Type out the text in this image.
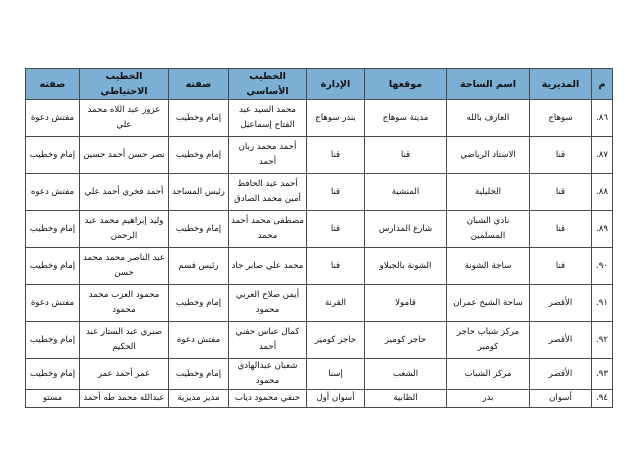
م	المديرية	اسم الساحة	موقعها	الإدارة	الخطيب الأساسي	صفته	الخطيب الاحتياطي	صفته
٨٦.	سوهاج	العارف بالله	مدينة سوهاج	بندر سوهاج	محمد السيد عبد الفتاح إسماعيل	إمام وخطيب	عزوز عبد اللاه محمد علي	مفتش دعوة
٨٧.	قنا	الاستاد الرياضي	قنا	قنا	أحمد محمد ربان أحمد	إمام وخطيب	نصر حسن أحمد حسين	إمام وخطيب
٨٨.	قنا	الخليلية	المنشية	قنا	أحمد عبد الحافظ أمين محمد الصادق	رئيس المساجد	أحمد فخري أحمد علي	مفتش دعوه
٨٩.	قنا	نادي الشبان المسلمين	شارع المدارس	قنا	مصطفى محمد أحمد محمد	إمام وخطيب	وليد إبراهيم محمد عبد الرحمن	إمام وخطيب
٩٠.	قنا	ساحة الشونة	الشونة بالجبلاو	قنا	محمد علي صابر جاد	رئيس قسم	عبد الناصر محمد محمد حسن	إمام وخطيب
٩١.	الأقصر	ساحة الشيخ عمران	قامولا	القرنة	أيمن صلاح العربي محمود	إمام وخطيب	محمود العزب محمد محمود	مفتش دعوة
٩٢.	الأقصر	مركز شباب حاجر كومير	حاجر كومير	حاجر كومير	كمال عباس حفني أحمد	مفتش دعوة	صبري عبد الستار عبد الحكيم	إمام وخطيب
٩٣.	الأقصر	مركز الشباب	الشغب	إسنا	شعبان عبدالهادي محمود	إمام وخطيب	عمر أحمد عمر	إمام وخطيب
٩٤.	أسوان	بدر	الطابية	أسوان أول	حنفي محمود دياب	مدير مديرية	عبدالله محمد طه أحمد	مستو
